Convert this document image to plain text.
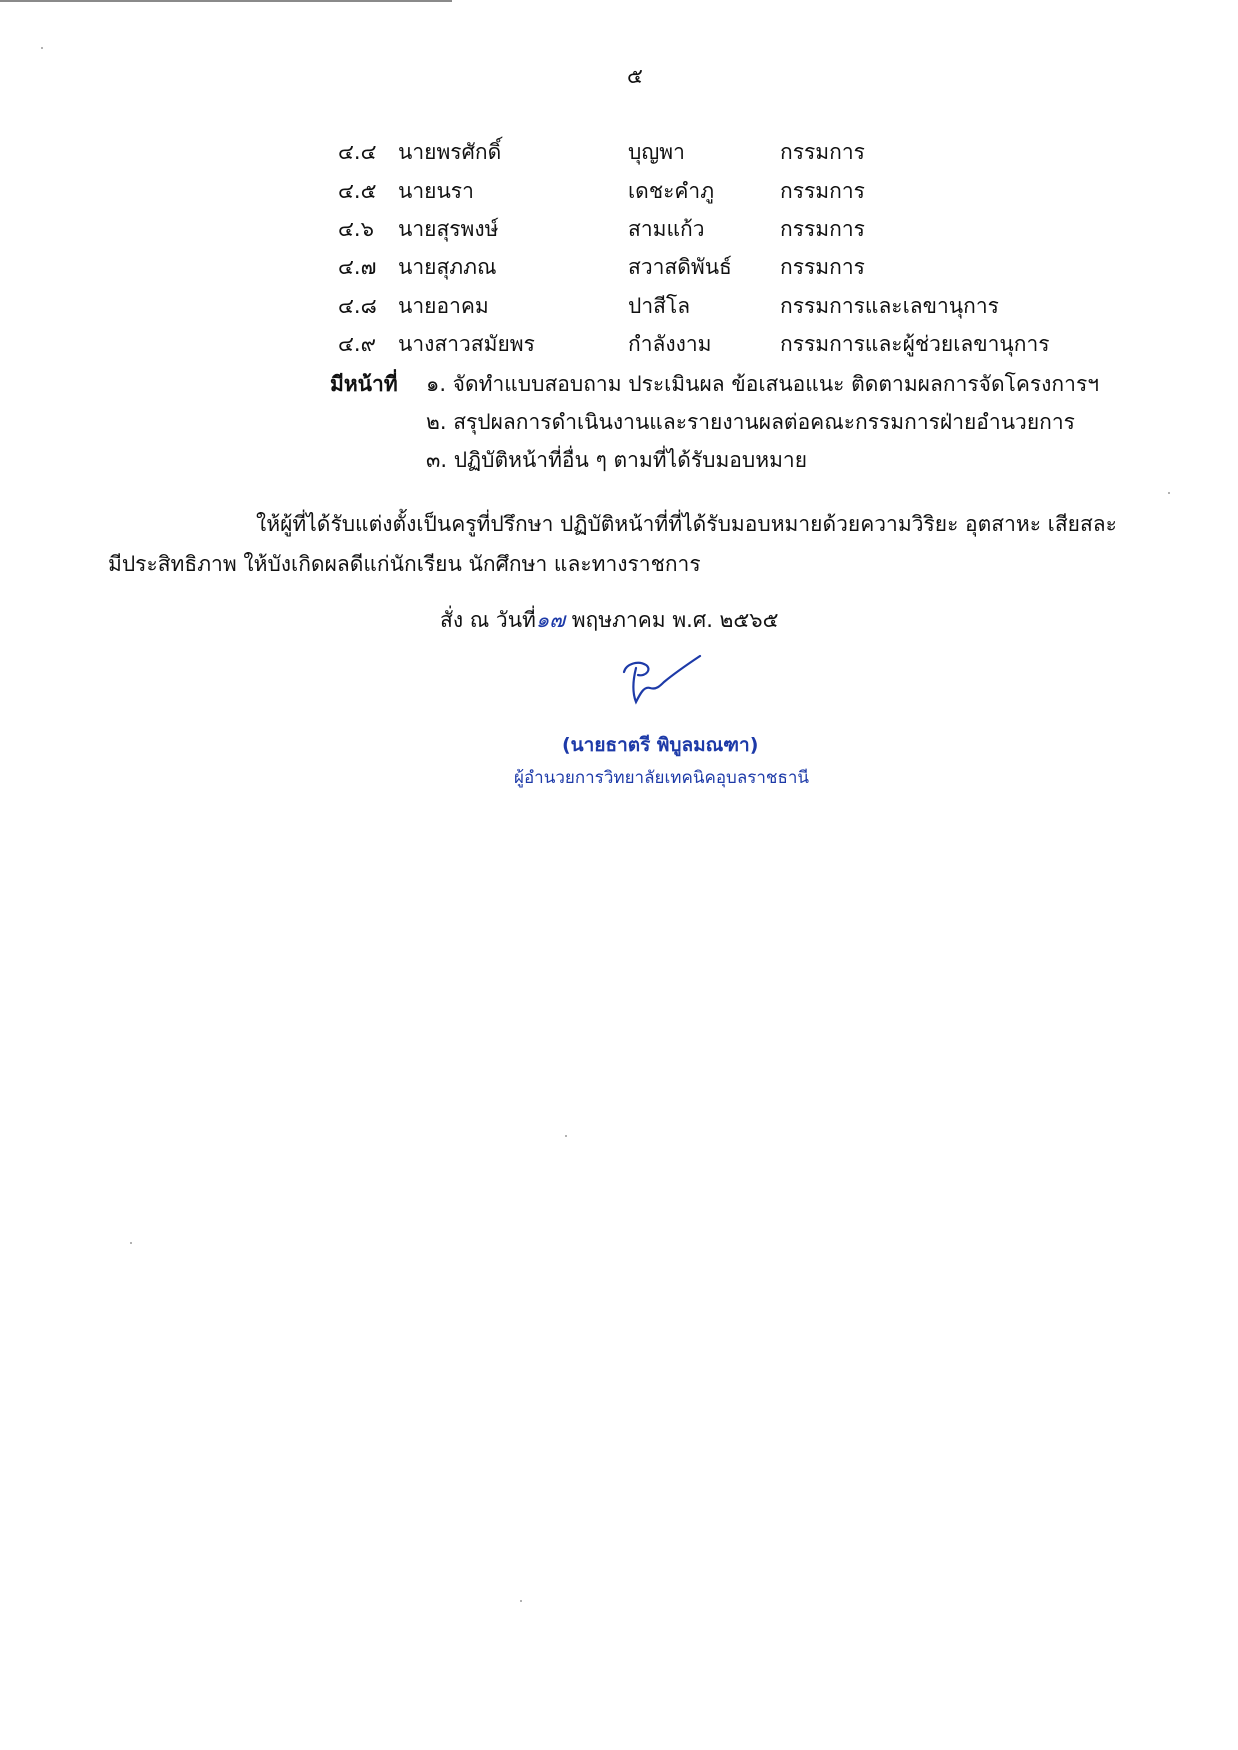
๕
๔.๔ นายพรศักดิ์	บุญพา	กรรมการ
๔.๕ นายนรา	เดชะคำภู	กรรมการ
๔.๖ นายสุรพงษ์	สามแก้ว	กรรมการ
๔.๗ นายสุภภณ	สวาสดิพันธ์ กรรมการ
๔.๘ นายอาคม	ปาสีโล	กรรมการและเลขานุการ
๔.๙ นางสาวสมัยพร	กำลังงาม	กรรมการและผู้ช่วยเลขานุการ
มีหน้าที่ ๑. จัดทำแบบสอบถาม ประเมินผล ข้อเสนอแนะ ติดตามผลการจัดโครงการฯ
๒. สรุปผลการดำเนินงานและรายงานผลต่อคณะกรรมการฝ่ายอำนวยการ
๓. ปฏิบัติหน้าที่อื่น ๆ ตามที่ได้รับมอบหมาย
ให้ผู้ที่ได้รับแต่งตั้งเป็นครูที่ปรึกษา ปฏิบัติหน้าที่ที่ได้รับมอบหมายด้วยความวิริยะ อุตสาหะ เสียสละ
มีประสิทธิภาพ ให้บังเกิดผลดีแก่นักเรียน นักศึกษา และทางราชการ
สั่ง ณ วันที่๑๗ พฤษภาคม พ.ศ. ๒๕๖๕
(นายธาตรี พิบูลมณฑา)
ผู้อำนวยการวิทยาลัยเทคนิคอุบลราชธานี
